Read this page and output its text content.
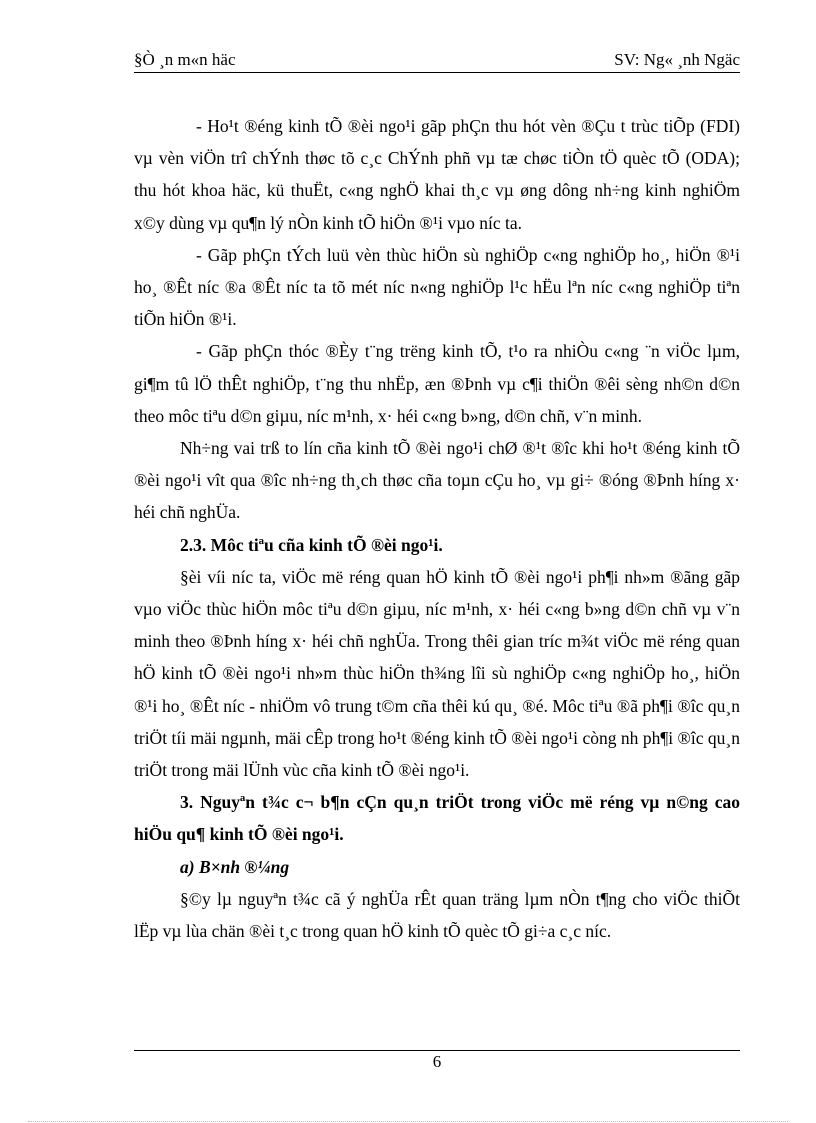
§Ò ¸n m«n häc	SV: Ng« ¸nh Ngäc

- Ho¹t ®éng kinh tÕ ®èi ngo¹i gãp phÇn thu hót vèn ®Çu t trùc tiÕp (FDI) vµ vèn viÖn trî chÝnh thøc tõ c¸c ChÝnh phñ vµ tæ chøc tiÒn tÖ quèc tÕ (ODA); thu hót khoa häc, kü thuËt, c«ng nghÖ khai th¸c vµ øng dông nh÷ng kinh nghiÖm x©y dùng vµ qu¶n lý nÒn kinh tÕ hiÖn ®¹i vµo níc ta.

- Gãp phÇn tÝch luü vèn thùc hiÖn sù nghiÖp c«ng nghiÖp ho¸, hiÖn ®¹i ho¸ ®Êt níc ®a ®Êt níc ta tõ mét níc n«ng nghiÖp l¹c hËu lªn níc c«ng nghiÖp tiªn tiÕn hiÖn ®¹i.

- Gãp phÇn thóc ®Èy t¨ng trëng kinh tÕ, t¹o ra nhiÒu c«ng ¨n viÖc lµm, gi¶m tû lÖ thÊt nghiÖp, t¨ng thu nhËp, æn ®Þnh vµ c¶i thiÖn ®êi sèng nh©n d©n theo môc tiªu d©n giµu, níc m¹nh, x· héi c«ng b»ng, d©n chñ, v¨n minh.

Nh÷ng vai trß to lín cña kinh tÕ ®èi ngo¹i chØ ®¹t ®îc khi ho¹t ®éng kinh tÕ ®èi ngo¹i vît qua ®îc nh÷ng th¸ch thøc cña toµn cÇu ho¸ vµ gi÷ ®óng ®Þnh híng x· héi chñ nghÜa.

2.3. Môc tiªu cña kinh tÕ ®èi ngo¹i.

§èi víi níc ta, viÖc më réng quan hÖ kinh tÕ ®èi ngo¹i ph¶i nh»m ®ãng gãp vµo viÖc thùc hiÖn môc tiªu d©n giµu, níc m¹nh, x· héi c«ng b»ng d©n chñ vµ v¨n minh theo ®Þnh híng x· héi chñ nghÜa. Trong thêi gian tríc m¾t viÖc më réng quan hÖ kinh tÕ ®èi ngo¹i nh»m thùc hiÖn th¾ng lîi sù nghiÖp c«ng nghiÖp ho¸, hiÖn ®¹i ho¸ ®Êt níc - nhiÖm vô trung t©m cña thêi kú qu¸ ®é. Môc tiªu ®ã ph¶i ®îc qu¸n triÖt tíi mäi ngµnh, mäi cÊp trong ho¹t ®éng kinh tÕ ®èi ngo¹i còng nh ph¶i ®îc qu¸n triÖt trong mäi lÜnh vùc cña kinh tÕ ®èi ngo¹i.

3. Nguyªn t¾c c¬ b¶n cÇn qu¸n triÖt trong viÖc më réng vµ n©ng cao hiÖu qu¶ kinh tÕ ®èi ngo¹i.

a) B×nh ®¼ng

§©y lµ nguyªn t¾c cã ý nghÜa rÊt quan träng lµm nÒn t¶ng cho viÖc thiÕt lËp vµ lùa chän ®èi t¸c trong quan hÖ kinh tÕ quèc tÕ gi÷a c¸c níc.

6
